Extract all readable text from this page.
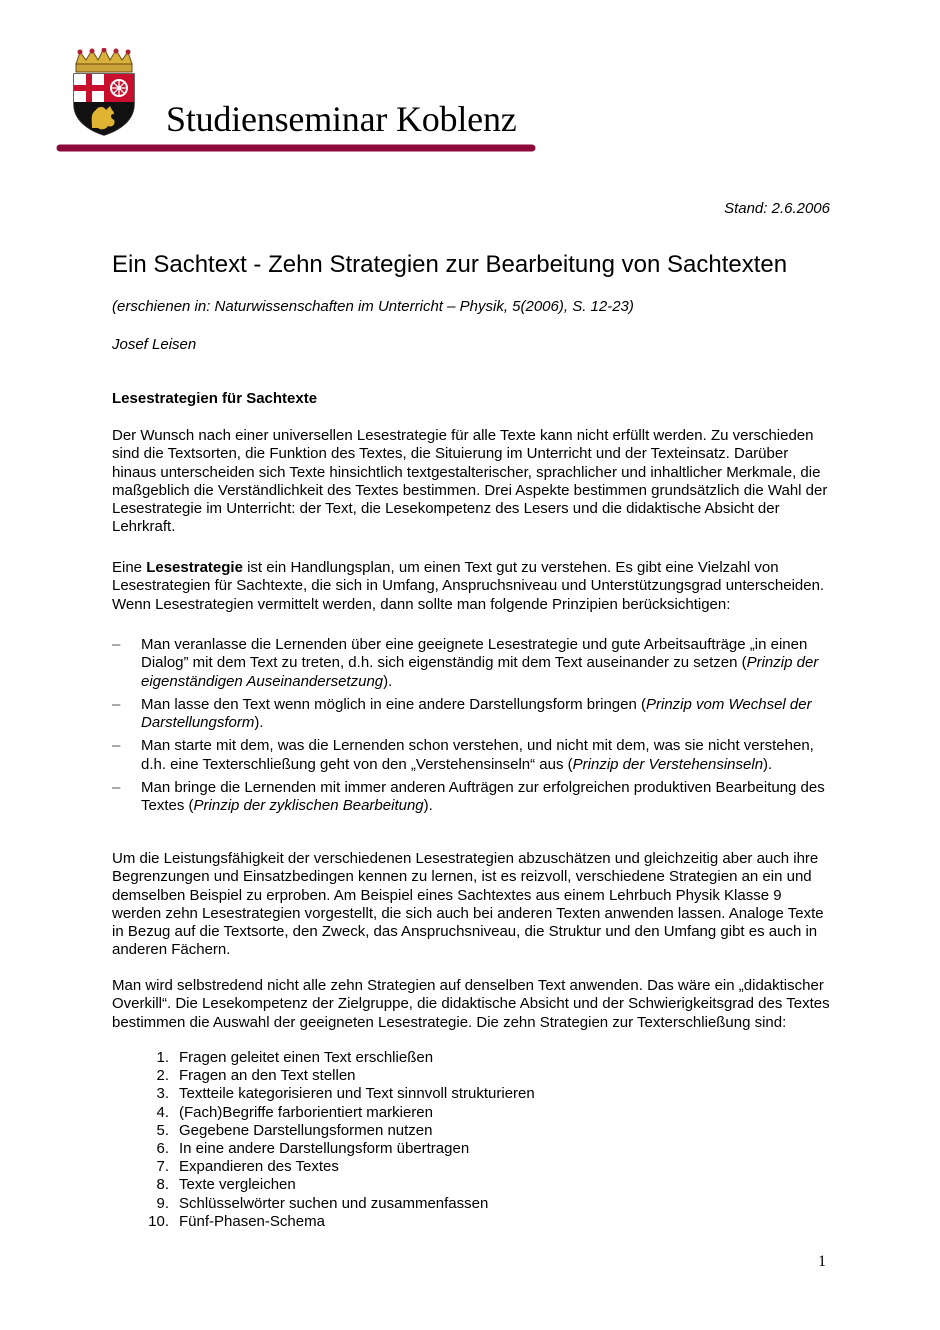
Studienseminar Koblenz
Stand: 2.6.2006
Ein Sachtext - Zehn Strategien zur Bearbeitung von Sachtexten
(erschienen in: Naturwissenschaften im Unterricht – Physik, 5(2006), S. 12-23)
Josef Leisen
Lesestrategien für Sachtexte

Der Wunsch nach einer universellen Lesestrategie für alle Texte kann nicht erfüllt werden. Zu verschieden sind die Textsorten, die Funktion des Textes, die Situierung im Unterricht und der Texteinsatz. Darüber hinaus unterscheiden sich Texte hinsichtlich textgestalterischer, sprachlicher und inhaltlicher Merkmale, die maßgeblich die Verständlichkeit des Textes bestimmen. Drei Aspekte bestimmen grundsätzlich die Wahl der Lesestrategie im Unterricht: der Text, die Lesekompetenz des Lesers und die didaktische Absicht der Lehrkraft.

Eine Lesestrategie ist ein Handlungsplan, um einen Text gut zu verstehen. Es gibt eine Vielzahl von Lesestrategien für Sachtexte, die sich in Umfang, Anspruchsniveau und Unterstützungsgrad unterscheiden. Wenn Lesestrategien vermittelt werden, dann sollte man folgende Prinzipien berücksichtigen:

– Man veranlasse die Lernenden über eine geeignete Lesestrategie und gute Arbeitsaufträge „in einen Dialog” mit dem Text zu treten, d.h. sich eigenständig mit dem Text auseinander zu setzen (Prinzip der eigenständigen Auseinandersetzung).
– Man lasse den Text wenn möglich in eine andere Darstellungsform bringen (Prinzip vom Wechsel der Darstellungsform).
– Man starte mit dem, was die Lernenden schon verstehen, und nicht mit dem, was sie nicht verstehen, d.h. eine Texterschließung geht von den „Verstehensinseln“ aus (Prinzip der Verstehensinseln).
– Man bringe die Lernenden mit immer anderen Aufträgen zur erfolgreichen produktiven Bearbeitung des Textes (Prinzip der zyklischen Bearbeitung).

Um die Leistungsfähigkeit der verschiedenen Lesestrategien abzuschätzen und gleichzeitig aber auch ihre Begrenzungen und Einsatzbedingen kennen zu lernen, ist es reizvoll, verschiedene Strategien an ein und demselben Beispiel zu erproben. Am Beispiel eines Sachtextes aus einem Lehrbuch Physik Klasse 9 werden zehn Lesestrategien vorgestellt, die sich auch bei anderen Texten anwenden lassen. Analoge Texte in Bezug auf die Textsorte, den Zweck, das Anspruchsniveau, die Struktur und den Umfang gibt es auch in anderen Fächern.

Man wird selbstredend nicht alle zehn Strategien auf denselben Text anwenden. Das wäre ein „didaktischer Overkill“. Die Lesekompetenz der Zielgruppe, die didaktische Absicht und der Schwierigkeitsgrad des Textes bestimmen die Auswahl der geeigneten Lesestrategie. Die zehn Strategien zur Texterschließung sind:

1. Fragen geleitet einen Text erschließen
2. Fragen an den Text stellen
3. Textteile kategorisieren und Text sinnvoll strukturieren
4. (Fach)Begriffe farborientiert markieren
5. Gegebene Darstellungsformen nutzen
6. In eine andere Darstellungsform übertragen
7. Expandieren des Textes
8. Texte vergleichen
9. Schlüsselwörter suchen und zusammenfassen
10. Fünf-Phasen-Schema
1
